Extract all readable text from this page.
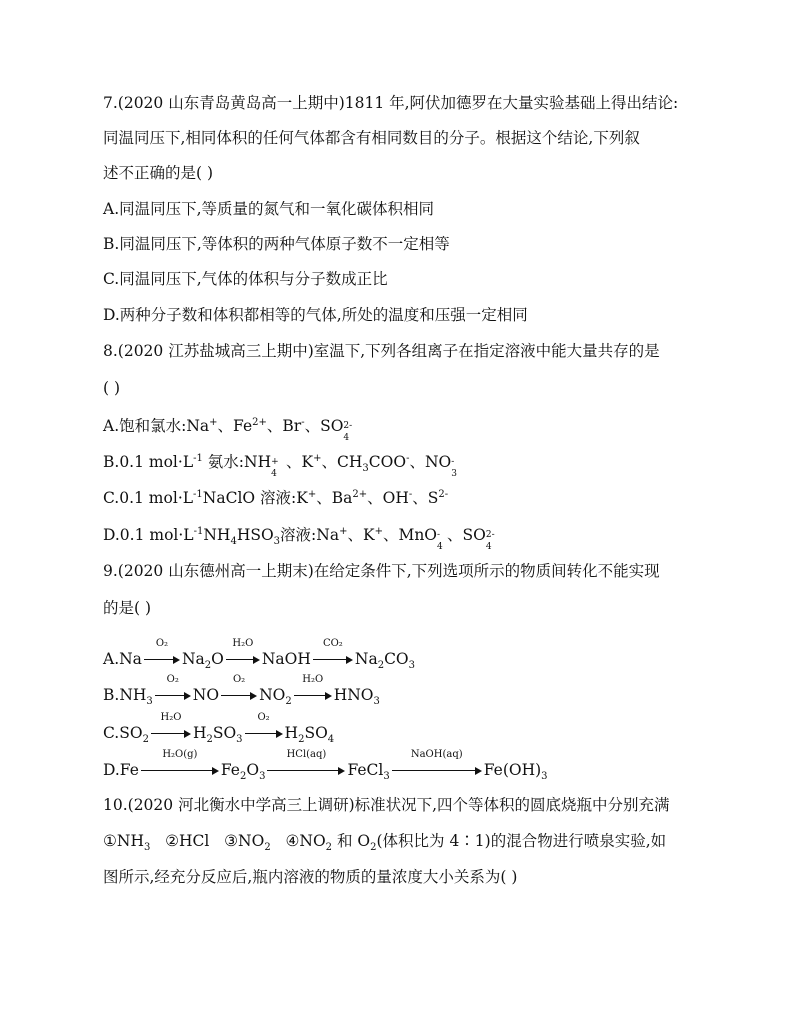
7.(2020 山东青岛黄岛高一上期中)1811 年,阿伏加德罗在大量实验基础上得出结论:
同温同压下,相同体积的任何气体都含有相同数目的分子。根据这个结论,下列叙
述不正确的是( )
A.同温同压下,等质量的氮气和一氧化碳体积相同
B.同温同压下,等体积的两种气体原子数不一定相等
C.同温同压下,气体的体积与分子数成正比
D.两种分子数和体积都相等的气体,所处的温度和压强一定相同
8.(2020 江苏盐城高三上期中)室温下,下列各组离子在指定溶液中能大量共存的是
( )
A.饱和氯水:Na+、$Fe^{2+}$、Br-、SO 2-
4
B.0.1 $mol\cdot L^{-1}$ 氨水:NH +
4
、K+、$CH_3COO^-$、NO -
3
C.0.1 $mol\cdot L^{-1}NaClO$ 溶液:K+、$Ba^{2+}$、OH-、$S^{2-}$
D.0.1 $mol\cdot L^{-1}NH_4HSO_3$溶液:Na+、K+、MnO -
4
、SO 2-
4
9.(2020 山东德州高一上期末)在给定条件下,下列选项所示的物质间转化不能实现
的是( )
A.Na
O₂
$Na_2O$
H₂O
NaOH
CO₂
$Na_2CO_3$
$B.NH_3$
O₂
NO
O₂
$NO_2$
H₂O
$HNO_3$
$C.SO_2$
H₂O
$H_2SO_3$
O₂
$H_2SO_4$
D.Fe
H₂O(g)
$Fe_2O_3$
HCl(aq)
FeCl$_3$
NaOH(aq)
$Fe(OH)_3$
10.(2020 河北衡水中学高三上调研)标准状况下,四个等体积的圆底烧瓶中分别充满
$①NH_3$   ②HCl   $③NO_2$   $④NO_2$ 和 $O_2$(体积比为 4∶1)的混合物进行喷泉实验,如
图所示,经充分反应后,瓶内溶液的物质的量浓度大小关系为( )
